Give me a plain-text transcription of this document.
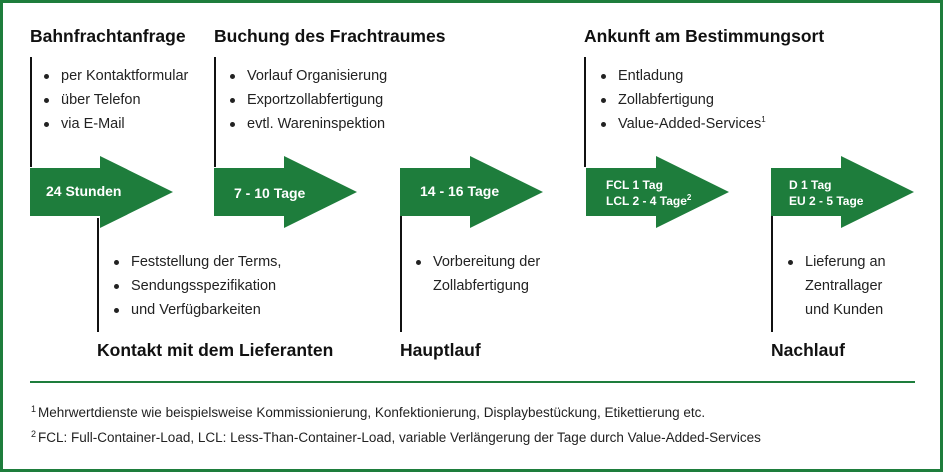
Bahnfrachtanfrage Buchung des Frachtraumes	Ankunft am Bestimmungsort
per Kontaktformular
über Telefon
via E-Mail
Vorlauf Organisierung
Exportzollabfertigung
evtl. Wareninspektion
Entladung
Zollabfertigung
Value-Added-Services$^1$
24 Stunden	7 - 10 Tage	14 - 16 Tage	FCL 1 Tag
LCL 2 - 4 Tage$^2$
D 1 Tag
EU 2 - 5 Tage
Feststellung der Terms,
Sendungsspezifikation
und Verfügbarkeiten
Vorbereitung der
Zollabfertigung
Lieferung an
Zentrallager
und Kunden
Kontakt mit dem Lieferanten	Hauptlauf	Nachlauf
$^1$ Mehrwertdienste wie beispielsweise Kommissionierung, Konfektionierung, Displaybestückung, Etikettierung etc.
$^2$ FCL: Full-Container-Load, LCL: Less-Than-Container-Load, variable Verlängerung der Tage durch Value-Added-Services
